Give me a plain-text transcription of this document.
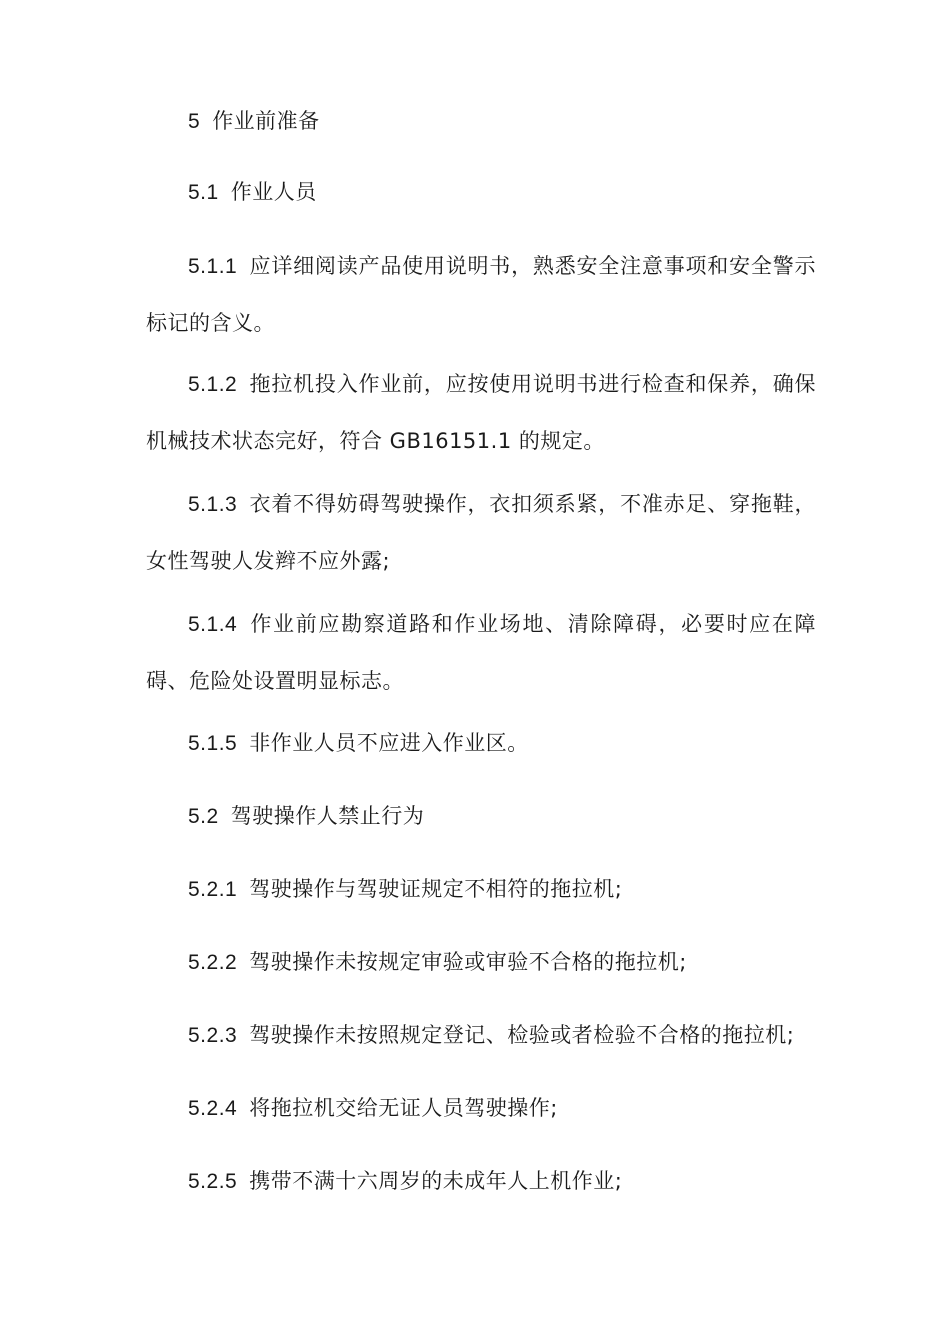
5 作业前准备

5.1 作业人员

5.1.1 应详细阅读产品使用说明书，熟悉安全注意事项和安全警示标记的含义。

5.1.2 拖拉机投入作业前，应按使用说明书进行检查和保养，确保机械技术状态完好，符合 GB16151.1 的规定。

5.1.3 衣着不得妨碍驾驶操作，衣扣须系紧，不准赤足、穿拖鞋，女性驾驶人发辫不应外露;

5.1.4 作业前应勘察道路和作业场地、清除障碍，必要时应在障碍、危险处设置明显标志。

5.1.5 非作业人员不应进入作业区。

5.2 驾驶操作人禁止行为

5.2.1 驾驶操作与驾驶证规定不相符的拖拉机;

5.2.2 驾驶操作未按规定审验或审验不合格的拖拉机;

5.2.3 驾驶操作未按照规定登记、检验或者检验不合格的拖拉机;

5.2.4 将拖拉机交给无证人员驾驶操作;

5.2.5 携带不满十六周岁的未成年人上机作业;
